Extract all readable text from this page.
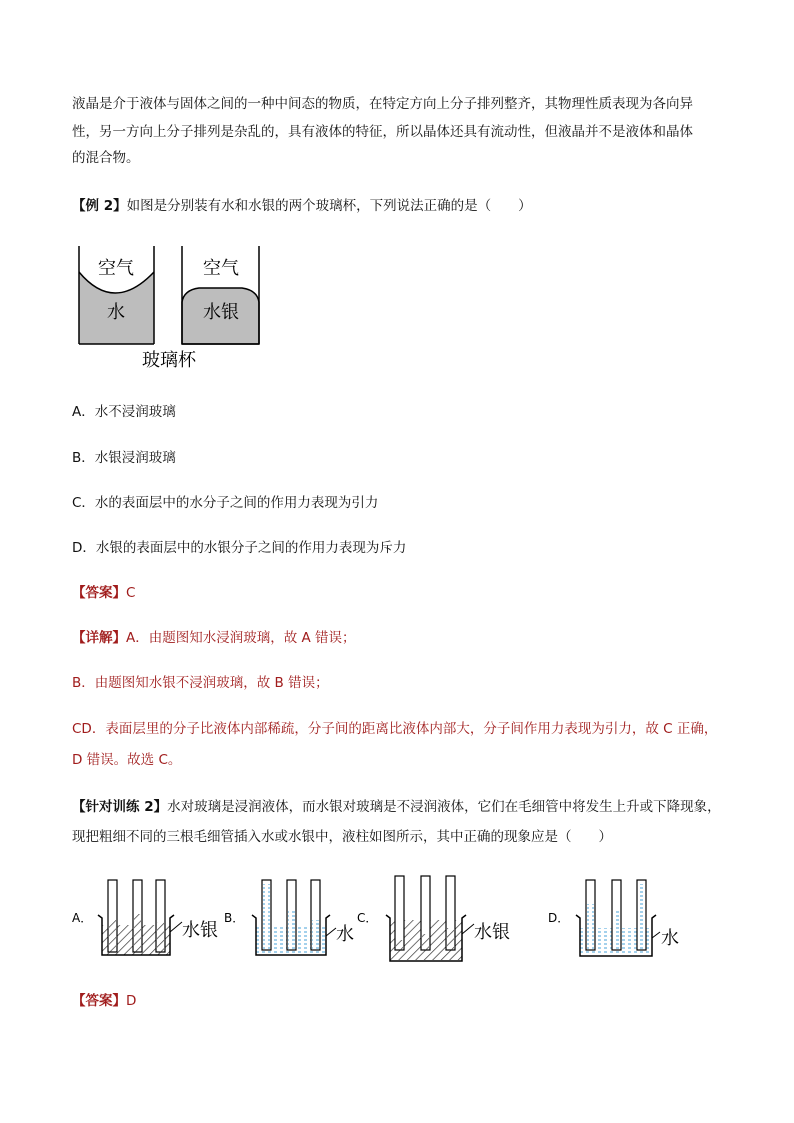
液晶是介于液体与固体之间的一种中间态的物质，在特定方向上分子排列整齐，其物理性质表现为各向异
性，另一方向上分子排列是杂乱的，具有液体的特征，所以晶体还具有流动性，但液晶并不是液体和晶体
的混合物。
【例 2】如图是分别装有水和水银的两个玻璃杯，下列说法正确的是（　　）
空气
水
空气
水银
玻璃杯
A．水不浸润玻璃
B．水银浸润玻璃
C．水的表面层中的水分子之间的作用力表现为引力
D．水银的表面层中的水银分子之间的作用力表现为斥力
【答案】C
【详解】A．由题图知水浸润玻璃，故 A 错误；
B．由题图知水银不浸润玻璃，故 B 错误；
CD．表面层里的分子比液体内部稀疏，分子间的距离比液体内部大，分子间作用力表现为引力，故 C 正确，
D 错误。故选 C。
【针对训练 2】水对玻璃是浸润液体，而水银对玻璃是不浸润液体，它们在毛细管中将发生上升或下降现象，
现把粗细不同的三根毛细管插入水或水银中，液柱如图所示，其中正确的现象应是（　　）
A．
水银
B．
水
C．
水银
D．
水
【答案】D
